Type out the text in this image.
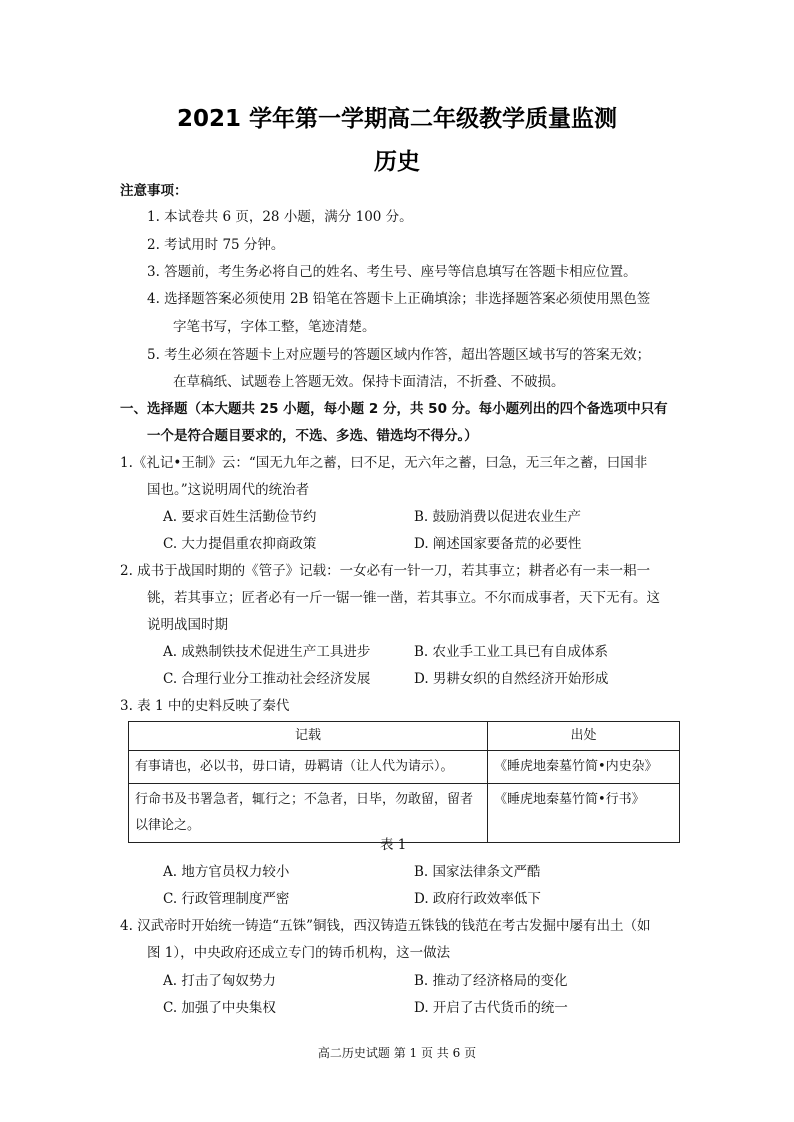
2021 学年第一学期高二年级教学质量监测
历史
注意事项：
1. 本试卷共 6 页，28 小题，满分 100 分。
2. 考试用时 75 分钟。
3. 答题前，考生务必将自己的姓名、考生号、座号等信息填写在答题卡相应位置。
4. 选择题答案必须使用 2B 铅笔在答题卡上正确填涂；非选择题答案必须使用黑色签
字笔书写，字体工整，笔迹清楚。
5. 考生必须在答题卡上对应题号的答题区域内作答，超出答题区域书写的答案无效；
在草稿纸、试题卷上答题无效。保持卡面清洁，不折叠、不破损。
一、选择题（本大题共 25 小题，每小题 2 分，共 50 分。每小题列出的四个备选项中只有
一个是符合题目要求的，不选、多选、错选均不得分。）
1.《礼记•王制》云：“国无九年之蓄，曰不足，无六年之蓄，曰急，无三年之蓄，曰国非
国也。”这说明周代的统治者
A. 要求百姓生活勤俭节约	B. 鼓励消费以促进农业生产
C. 大力提倡重农抑商政策	D. 阐述国家要备荒的必要性
2. 成书于战国时期的《管子》记载：一女必有一针一刀，若其事立；耕者必有一耒一耜一
铫，若其事立；匠者必有一斤一锯一锥一凿，若其事立。不尔而成事者，天下无有。这
说明战国时期
A. 成熟制铁技术促进生产工具进步	B. 农业手工业工具已有自成体系
C. 合理行业分工推动社会经济发展	D. 男耕女织的自然经济开始形成
3. 表 1 中的史料反映了秦代
记载	出处
有事请也，必以书，毋口请，毋羁请（让人代为请示）。	《睡虎地秦墓竹简•内史杂》
行命书及书署急者，辄行之；不急者，日毕，勿敢留，留者以律论之。	《睡虎地秦墓竹简•行书》
表 1
A. 地方官员权力较小	B. 国家法律条文严酷
C. 行政管理制度严密	D. 政府行政效率低下
4. 汉武帝时开始统一铸造“五铢”铜钱，西汉铸造五铢钱的钱范在考古发掘中屡有出土（如
图 1），中央政府还成立专门的铸币机构，这一做法
A. 打击了匈奴势力	B. 推动了经济格局的变化
C. 加强了中央集权	D. 开启了古代货币的统一
高二历史试题 第 1 页 共 6 页
